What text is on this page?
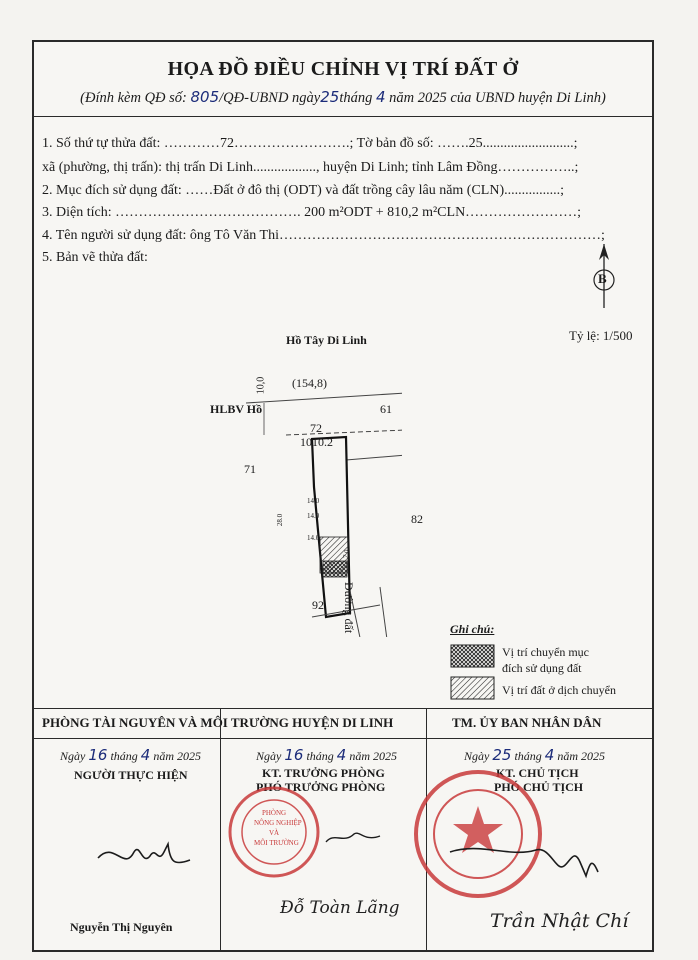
HỌA ĐỒ ĐIỀU CHỈNH VỊ TRÍ ĐẤT Ở
(Đính kèm QĐ số: 805/QĐ-UBND ngày25tháng 4 năm 2025 của UBND huyện Di Linh)
1. Số thứ tự thửa đất: …………72…………………….; Tờ bản đồ số: …….25..........................;
xã (phường, thị trấn): thị trấn Di Linh.................., huyện Di Linh; tỉnh Lâm Đồng……………..;
2. Mục đích sử dụng đất: ……Đất ở đô thị (ODT) và đất trồng cây lâu năm (CLN)................;
3. Diện tích: …………………………………. 200 m²ODT + 810,2 m²CLN……………………;
4. Tên người sử dụng đất: ông Tô Văn Thi……………………………………………………………;
5. Bản vẽ thửa đất:
B
Tỷ lệ: 1/500
Hồ Tây Di Linh
10,0 (154,8)
HLBV Hồ
72
1010.2
61
71
82
92 Đường đất
14.0
14.0
14.0
28.0
7.0
Ghi chú:
Vị trí chuyển mục
đích sử dụng đất
Vị trí đất ở dịch chuyển
PHÒNG TÀI NGUYÊN VÀ MÔI TRƯỜNG HUYỆN DI LINH	TM. ỦY BAN NHÂN DÂN
Ngày 16 tháng 4 năm 2025
NGƯỜI THỰC HIỆN
Nguyễn Thị Nguyên
Ngày 16 tháng 4 năm 2025
KT. TRƯỞNG PHÒNG
PHÓ TRƯỞNG PHÒNG
PHÒNG
NÔNG NGHIỆP
VÀ
MÔI TRƯỜNG
Đỗ Toàn Lãng
Ngày 25 tháng 4 năm 2025
KT. CHỦ TỊCH
PHÓ CHỦ TỊCH
Trần Nhật Chí
